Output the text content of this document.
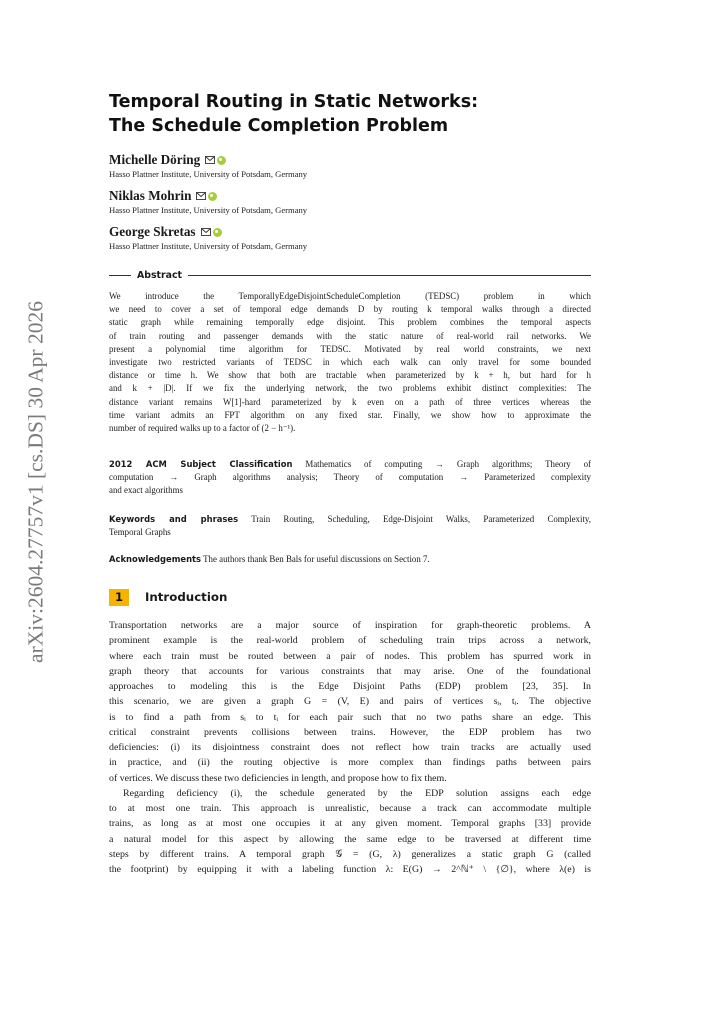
arXiv:2604.27757v1 [cs.DS] 30 Apr 2026
Temporal Routing in Static Networks:
The Schedule Completion Problem
Michelle Döring
Hasso Plattner Institute, University of Potsdam, Germany
Niklas Mohrin
Hasso Plattner Institute, University of Potsdam, Germany
George Skretas
Hasso Plattner Institute, University of Potsdam, Germany
Abstract
We introduce the TemporallyEdgeDisjointScheduleCompletion (TEDSC) problem in which
we need to cover a set of temporal edge demands D by routing k temporal walks through a directed
static graph while remaining temporally edge disjoint. This problem combines the temporal aspects
of train routing and passenger demands with the static nature of real-world rail networks. We
present a polynomial time algorithm for TEDSC. Motivated by real world constraints, we next
investigate two restricted variants of TEDSC in which each walk can only travel for some bounded
distance or time h. We show that both are tractable when parameterized by k + h, but hard for h
and k + |D|. If we fix the underlying network, the two problems exhibit distinct complexities: The
distance variant remains W[1]-hard parameterized by k even on a path of three vertices whereas the
time variant admits an FPT algorithm on any fixed star. Finally, we show how to approximate the
number of required walks up to a factor of (2 − h⁻¹).
2012 ACM Subject Classification Mathematics of computing → Graph algorithms; Theory of
computation → Graph algorithms analysis; Theory of computation → Parameterized complexity
and exact algorithms
Keywords and phrases Train Routing, Scheduling, Edge-Disjoint Walks, Parameterized Complexity,
Temporal Graphs
Acknowledgements The authors thank Ben Bals for useful discussions on Section 7.
1	Introduction
Transportation networks are a major source of inspiration for graph-theoretic problems. A
prominent example is the real-world problem of scheduling train trips across a network,
where each train must be routed between a pair of nodes. This problem has spurred work in
graph theory that accounts for various constraints that may arise. One of the foundational
approaches to modeling this is the Edge Disjoint Paths (EDP) problem [23, 35]. In
this scenario, we are given a graph G = (V, E) and pairs of vertices sᵢ, tᵢ. The objective
is to find a path from sᵢ to tᵢ for each pair such that no two paths share an edge. This
critical constraint prevents collisions between trains. However, the EDP problem has two
deficiencies: (i) its disjointness constraint does not reflect how train tracks are actually used
in practice, and (ii) the routing objective is more complex than findings paths between pairs
of vertices. We discuss these two deficiencies in length, and propose how to fix them.
Regarding deficiency (i), the schedule generated by the EDP solution assigns each edge
to at most one train. This approach is unrealistic, because a track can accommodate multiple
trains, as long as at most one occupies it at any given moment. Temporal graphs [33] provide
a natural model for this aspect by allowing the same edge to be traversed at different time
steps by different trains. A temporal graph 𝒢 = (G, λ) generalizes a static graph G (called
the footprint) by equipping it with a labeling function λ: E(G) → 2^ℕ⁺ \ {∅}, where λ(e) is
